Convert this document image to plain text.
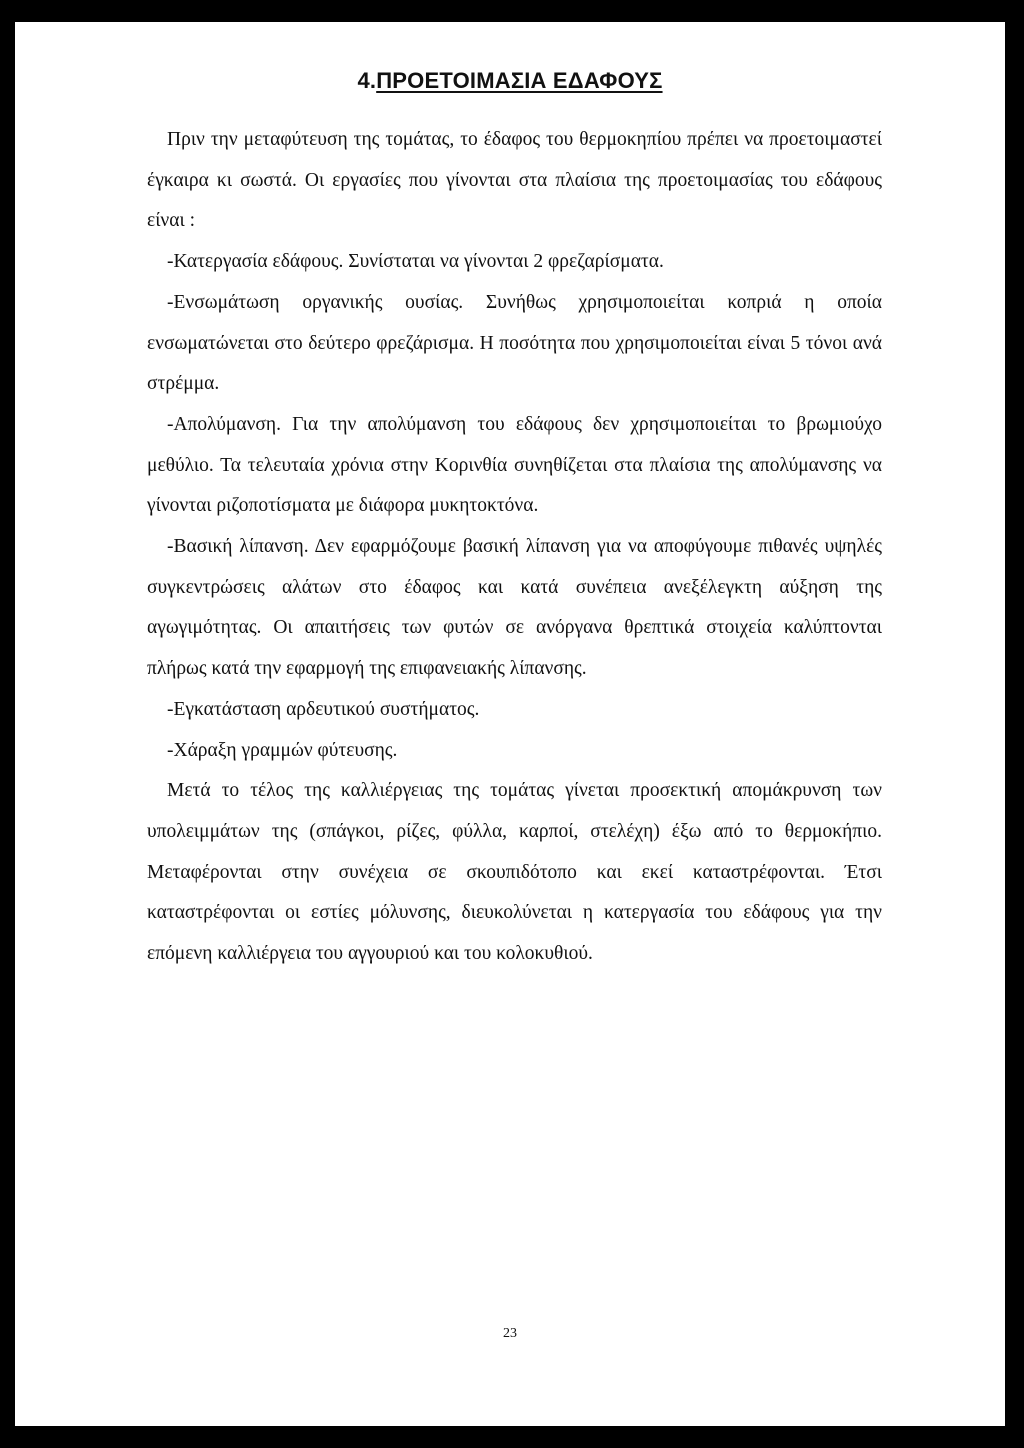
4.ΠΡΟΕΤΟΙΜΑΣΙΑ ΕΔΑΦΟΥΣ

Πριν την μεταφύτευση της τομάτας, το έδαφος του θερμοκηπίου πρέπει να προετοιμαστεί έγκαιρα κι σωστά. Οι εργασίες που γίνονται στα πλαίσια της προετοιμασίας του εδάφους είναι :

-Κατεργασία εδάφους. Συνίσταται να γίνονται 2 φρεζαρίσματα.

-Ενσωμάτωση οργανικής ουσίας. Συνήθως χρησιμοποιείται κοπριά η οποία ενσωματώνεται στο δεύτερο φρεζάρισμα. Η ποσότητα που χρησιμοποιείται είναι 5 τόνοι ανά στρέμμα.

-Απολύμανση. Για την απολύμανση του εδάφους δεν χρησιμοποιείται το βρωμιούχο μεθύλιο. Τα τελευταία χρόνια στην Κορινθία συνηθίζεται στα πλαίσια της απολύμανσης να γίνονται ριζοποτίσματα με διάφορα μυκητοκτόνα.

-Βασική λίπανση. Δεν εφαρμόζουμε βασική λίπανση για να αποφύγουμε πιθανές υψηλές συγκεντρώσεις αλάτων στο έδαφος και κατά συνέπεια ανεξέλεγκτη αύξηση της αγωγιμότητας. Οι απαιτήσεις των φυτών σε ανόργανα θρεπτικά στοιχεία καλύπτονται πλήρως κατά την εφαρμογή της επιφανειακής λίπανσης.

-Εγκατάσταση αρδευτικού συστήματος.

-Χάραξη γραμμών φύτευσης.

Μετά το τέλος της καλλιέργειας της τομάτας γίνεται προσεκτική απομάκρυνση των υπολειμμάτων της (σπάγκοι, ρίζες, φύλλα, καρποί, στελέχη) έξω από το θερμοκήπιο. Μεταφέρονται στην συνέχεια σε σκουπιδότοπο και εκεί καταστρέφονται. Έτσι καταστρέφονται οι εστίες μόλυνσης, διευκολύνεται η κατεργασία του εδάφους για την επόμενη καλλιέργεια του αγγουριού και του κολοκυθιού.

23
